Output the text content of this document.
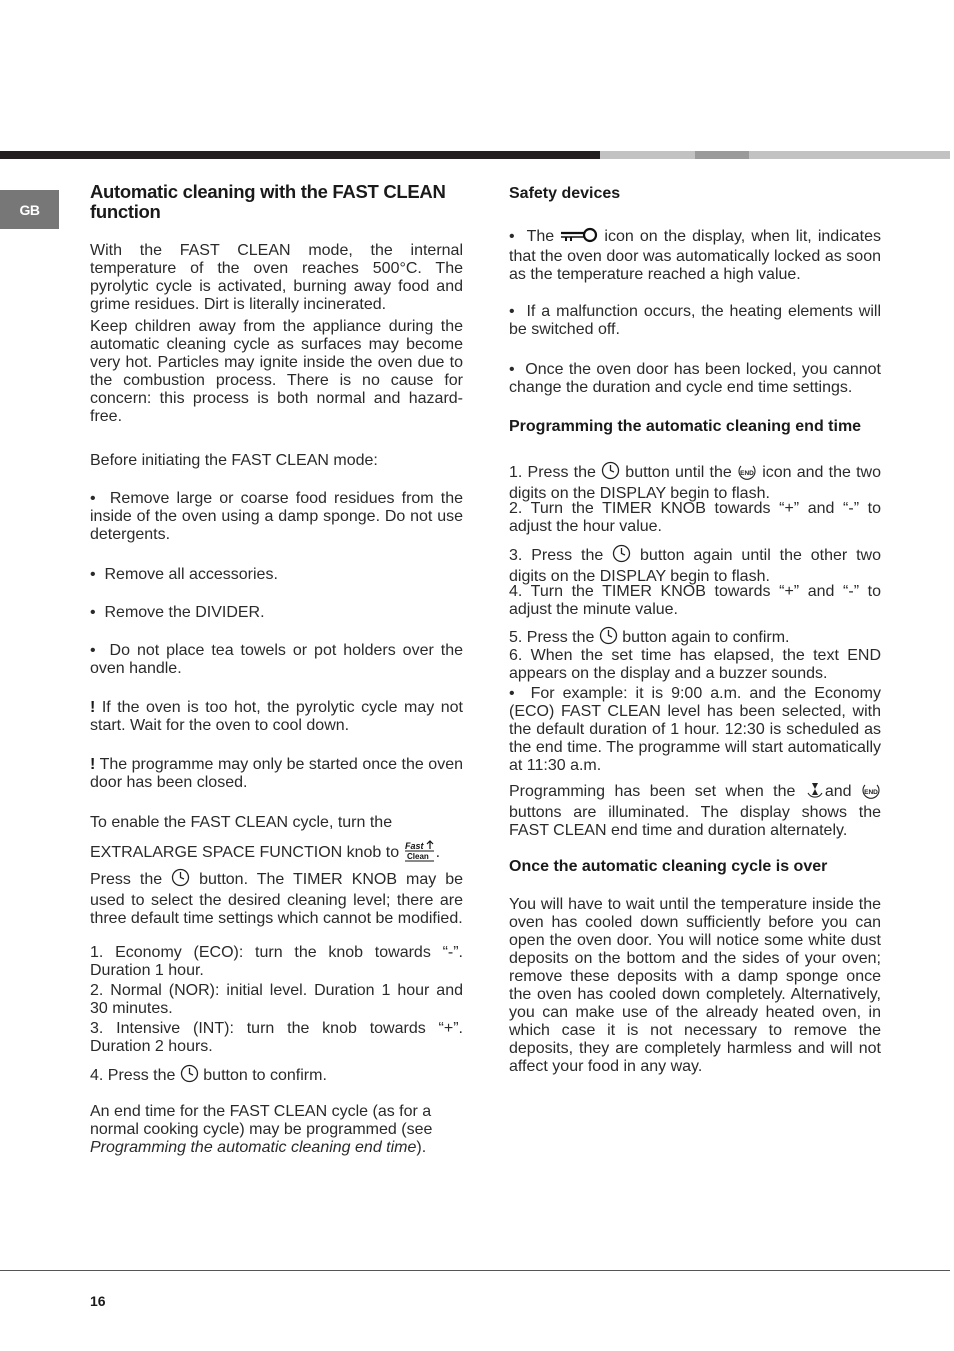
GB
Automatic cleaning with the FAST CLEAN function

With the FAST CLEAN mode, the internal temperature of the oven reaches 500°C. The pyrolytic cycle is activated, burning away food and grime residues. Dirt is literally incinerated.

Keep children away from the appliance during the automatic cleaning cycle as surfaces may become very hot. Particles may ignite inside the oven due to the combustion process. There is no cause for concern: this process is both normal and hazard-free.

Before initiating the FAST CLEAN mode:

•  Remove large or coarse food residues from the inside of the oven using a damp sponge. Do not use detergents.

•  Remove all accessories.

•  Remove the DIVIDER.

•  Do not place tea towels or pot holders over the oven handle.

! If the oven is too hot, the pyrolytic cycle may not start. Wait for the oven to cool down.

! The programme may only be started once the oven door has been closed.

To enable the FAST CLEAN cycle, turn the

EXTRALARGE SPACE FUNCTION knob to Fast
Clean .

Press the button. The TIMER KNOB may be used to select the desired cleaning level; there are three default time settings which cannot be modified.

1. Economy (ECO): turn the knob towards “-”. Duration 1 hour.

2. Normal (NOR): initial level. Duration 1 hour and 30 minutes.

3. Intensive (INT): turn the knob towards “+”. Duration 2 hours.

4. Press the button to confirm.

An end time for the FAST CLEAN cycle (as for a normal cooking cycle) may be programmed (see Programming the automatic cleaning end time).

Safety devices

•  The	icon on the display, when lit, indicates that the oven door was automatically locked as soon as the temperature reached a high value.

•  If a malfunction occurs, the heating elements will be switched off.

•  Once the oven door has been locked, you cannot change the duration and cycle end time settings.

Programming the automatic cleaning end time

1. Press the button until the END icon and the two digits on the DISPLAY begin to flash.

2. Turn the TIMER KNOB towards “+” and “-” to adjust the hour value.

3. Press the button again until the other two digits on the DISPLAY begin to flash.

4. Turn the TIMER KNOB towards “+” and “-” to adjust the minute value.

5. Press the button again to confirm.

6. When the set time has elapsed, the text END appears on the display and a buzzer sounds.

•  For example: it is 9:00 a.m. and the Economy (ECO) FAST CLEAN level has been selected, with the default duration of 1 hour. 12:30 is scheduled as the end time. The programme will start automatically at 11:30 a.m.

Programming has been set when the and END
buttons are illuminated. The display shows the FAST CLEAN end time and duration alternately.

Once the automatic cleaning cycle is over

You will have to wait until the temperature inside the oven has cooled down sufficiently before you can open the oven door. You will notice some white dust deposits on the bottom and the sides of your oven; remove these deposits with a damp sponge once the oven has cooled down completely. Alternatively, you can make use of the already heated oven, in which case it is not necessary to remove the deposits, they are completely harmless and will not affect your food in any way.

16
